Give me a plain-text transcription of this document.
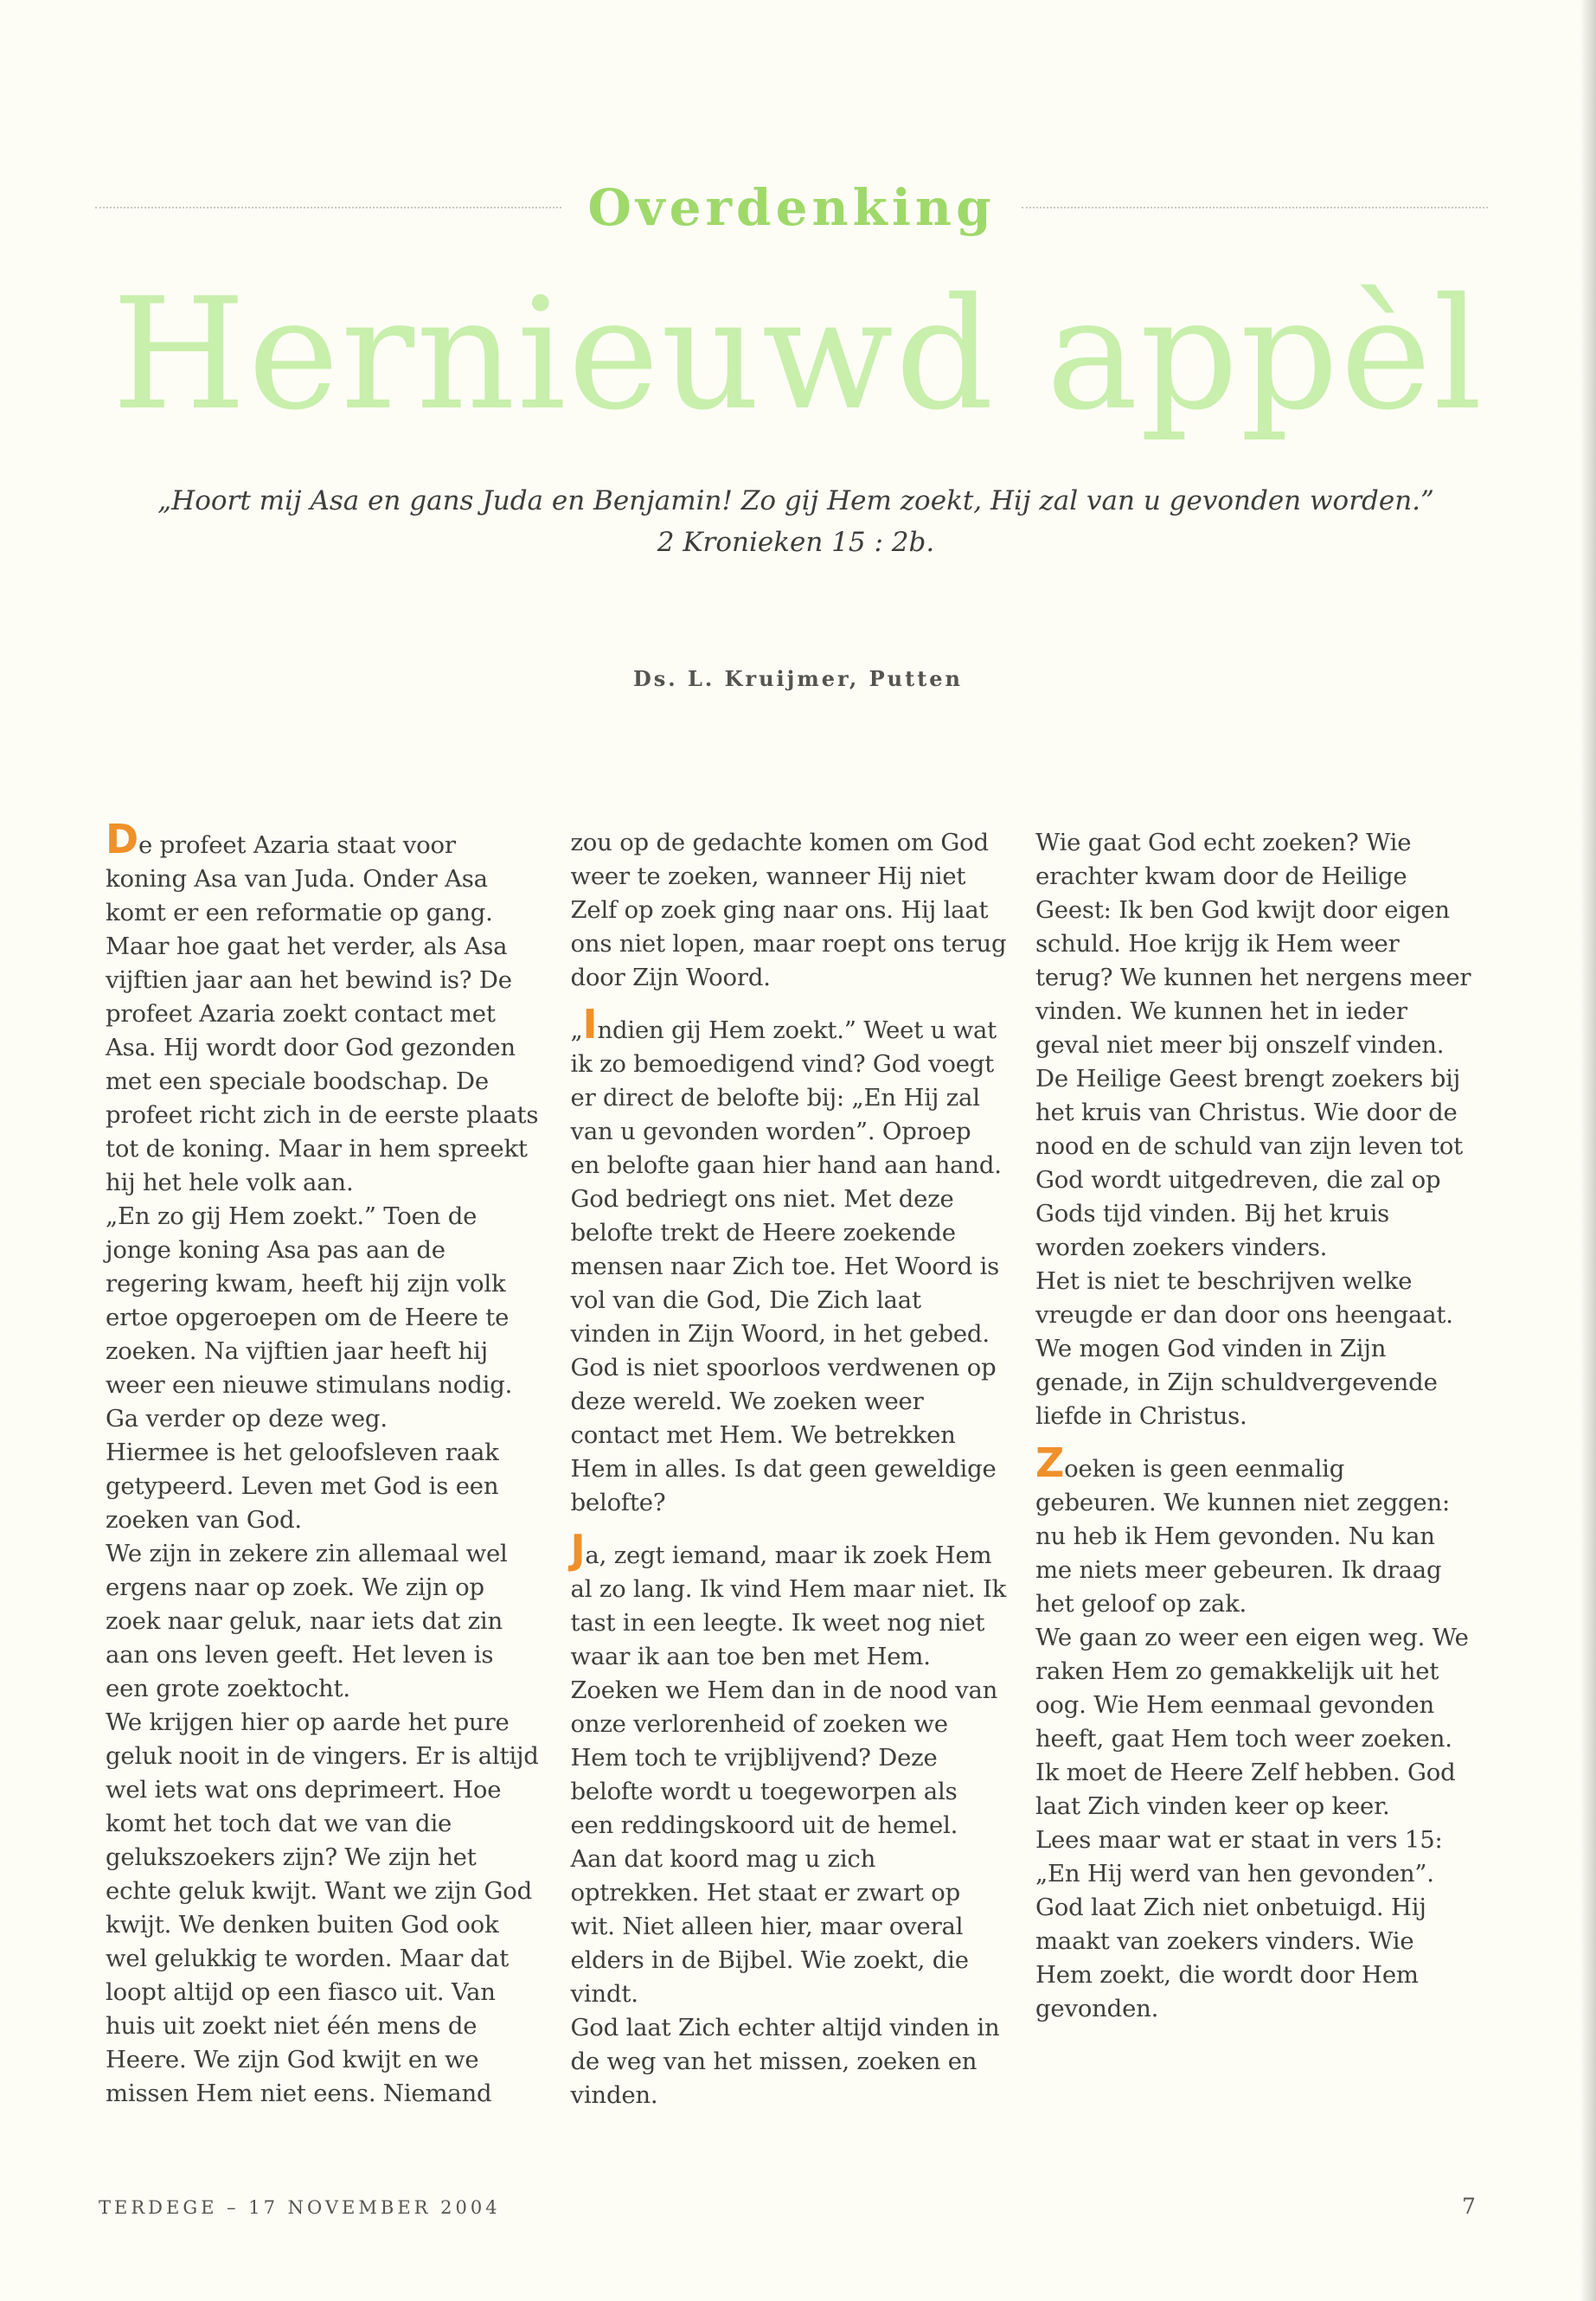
Overdenking
Hernieuwd appèl
„Hoort mij Asa en gans Juda en Benjamin! Zo gij Hem zoekt, Hij zal van u gevonden worden.”
2 Kronieken 15 : 2b.
Ds. L. Kruijmer, Putten

De profeet Azaria staat voor koning Asa van Juda. Onder Asa komt er een reformatie op gang. Maar hoe gaat het verder, als Asa vijftien jaar aan het bewind is? De profeet Azaria zoekt contact met Asa. Hij wordt door God gezonden met een speciale boodschap. De profeet richt zich in de eerste plaats tot de koning. Maar in hem spreekt hij het hele volk aan.

„En zo gij Hem zoekt.” Toen de jonge koning Asa pas aan de regering kwam, heeft hij zijn volk ertoe opgeroepen om de Heere te zoeken. Na vijftien jaar heeft hij weer een nieuwe stimulans nodig. Ga verder op deze weg.

Hiermee is het geloofsleven raak getypeerd. Leven met God is een zoeken van God.

We zijn in zekere zin allemaal wel ergens naar op zoek. We zijn op zoek naar geluk, naar iets dat zin aan ons leven geeft. Het leven is een grote zoektocht.

We krijgen hier op aarde het pure geluk nooit in de vingers. Er is altijd wel iets wat ons deprimeert. Hoe komt het toch dat we van die gelukszoekers zijn? We zijn het echte geluk kwijt. Want we zijn God kwijt. We denken buiten God ook wel gelukkig te worden. Maar dat loopt altijd op een fiasco uit. Van huis uit zoekt niet één mens de Heere. We zijn God kwijt en we missen Hem niet eens. Niemand

zou op de gedachte komen om God weer te zoeken, wanneer Hij niet Zelf op zoek ging naar ons. Hij laat ons niet lopen, maar roept ons terug door Zijn Woord.

„Indien gij Hem zoekt.” Weet u wat ik zo bemoedigend vind? God voegt er direct de belofte bij: „En Hij zal van u gevonden worden”. Oproep en belofte gaan hier hand aan hand.

God bedriegt ons niet. Met deze belofte trekt de Heere zoekende mensen naar Zich toe. Het Woord is vol van die God, Die Zich laat vinden in Zijn Woord, in het gebed. God is niet spoorloos verdwenen op deze wereld. We zoeken weer contact met Hem. We betrekken Hem in alles. Is dat geen geweldige belofte?

Ja, zegt iemand, maar ik zoek Hem al zo lang. Ik vind Hem maar niet. Ik tast in een leegte. Ik weet nog niet waar ik aan toe ben met Hem. Zoeken we Hem dan in de nood van onze verlorenheid of zoeken we Hem toch te vrijblijvend? Deze belofte wordt u toegeworpen als een reddingskoord uit de hemel. Aan dat koord mag u zich optrekken. Het staat er zwart op wit. Niet alleen hier, maar overal elders in de Bijbel. Wie zoekt, die vindt.

God laat Zich echter altijd vinden in de weg van het missen, zoeken en vinden.

Wie gaat God echt zoeken? Wie erachter kwam door de Heilige Geest: Ik ben God kwijt door eigen schuld. Hoe krijg ik Hem weer terug? We kunnen het nergens meer vinden. We kunnen het in ieder geval niet meer bij onszelf vinden.

De Heilige Geest brengt zoekers bij het kruis van Christus. Wie door de nood en de schuld van zijn leven tot God wordt uitgedreven, die zal op Gods tijd vinden. Bij het kruis worden zoekers vinders.

Het is niet te beschrijven welke vreugde er dan door ons heengaat. We mogen God vinden in Zijn genade, in Zijn schuldvergevende liefde in Christus.

Zoeken is geen eenmalig gebeuren. We kunnen niet zeggen: nu heb ik Hem gevonden. Nu kan me niets meer gebeuren. Ik draag het geloof op zak.

We gaan zo weer een eigen weg. We raken Hem zo gemakkelijk uit het oog. Wie Hem eenmaal gevonden heeft, gaat Hem toch weer zoeken. Ik moet de Heere Zelf hebben. God laat Zich vinden keer op keer.

Lees maar wat er staat in vers 15: „En Hij werd van hen gevonden”. God laat Zich niet onbetuigd. Hij maakt van zoekers vinders. Wie Hem zoekt, die wordt door Hem gevonden.

TERDEGE – 17 NOVEMBER 2004	7
